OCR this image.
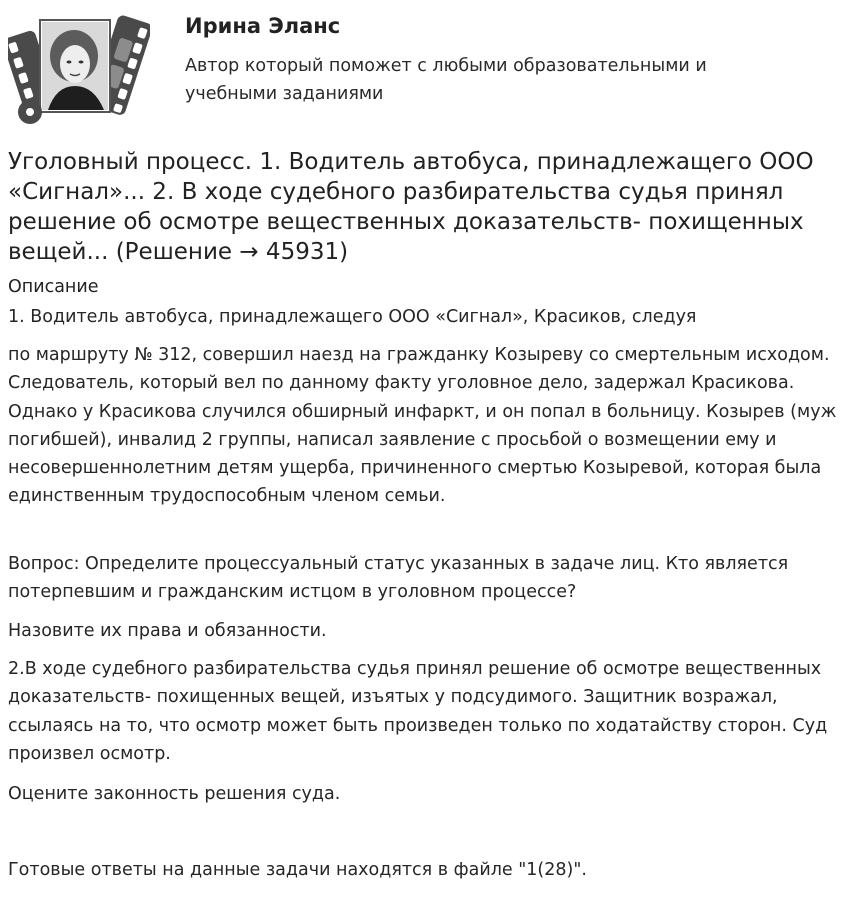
Ирина Эланс

Автор который поможет с любыми образовательными и учебными заданиями

Уголовный процесс. 1. Водитель автобуса, принадлежащего ООО «Сигнал»... 2. В ходе судебного разбирательства судья принял решение об осмотре вещественных доказательств- похищенных вещей... (Решение → 45931)

Описание

1. Водитель автобуса, принадлежащего ООО «Сигнал», Красиков, следуя

по маршруту № 312, совершил наезд на гражданку Козыреву со смертельным исходом. Следователь, который вел по данному факту уголовное дело, задержал Красикова. Однако у Красикова случился обширный инфаркт, и он попал в больницу. Козырев (муж погибшей), инвалид 2 группы, написал заявление с просьбой о возмещении ему и несовершеннолетним детям ущерба, причиненного смертью Козыревой, которая была единственным трудоспособным членом семьи.

Вопрос: Определите процессуальный статус указанных в задаче лиц. Кто является потерпевшим и гражданским истцом в уголовном процессе?

Назовите их права и обязанности.

2.В ходе судебного разбирательства судья принял решение об осмотре вещественных доказательств- похищенных вещей, изъятых у подсудимого. Защитник возражал, ссылаясь на то, что осмотр может быть произведен только по ходатайству сторон. Суд произвел осмотр.

Оцените законность решения суда.

Готовые ответы на данные задачи находятся в файле "1(28)".
